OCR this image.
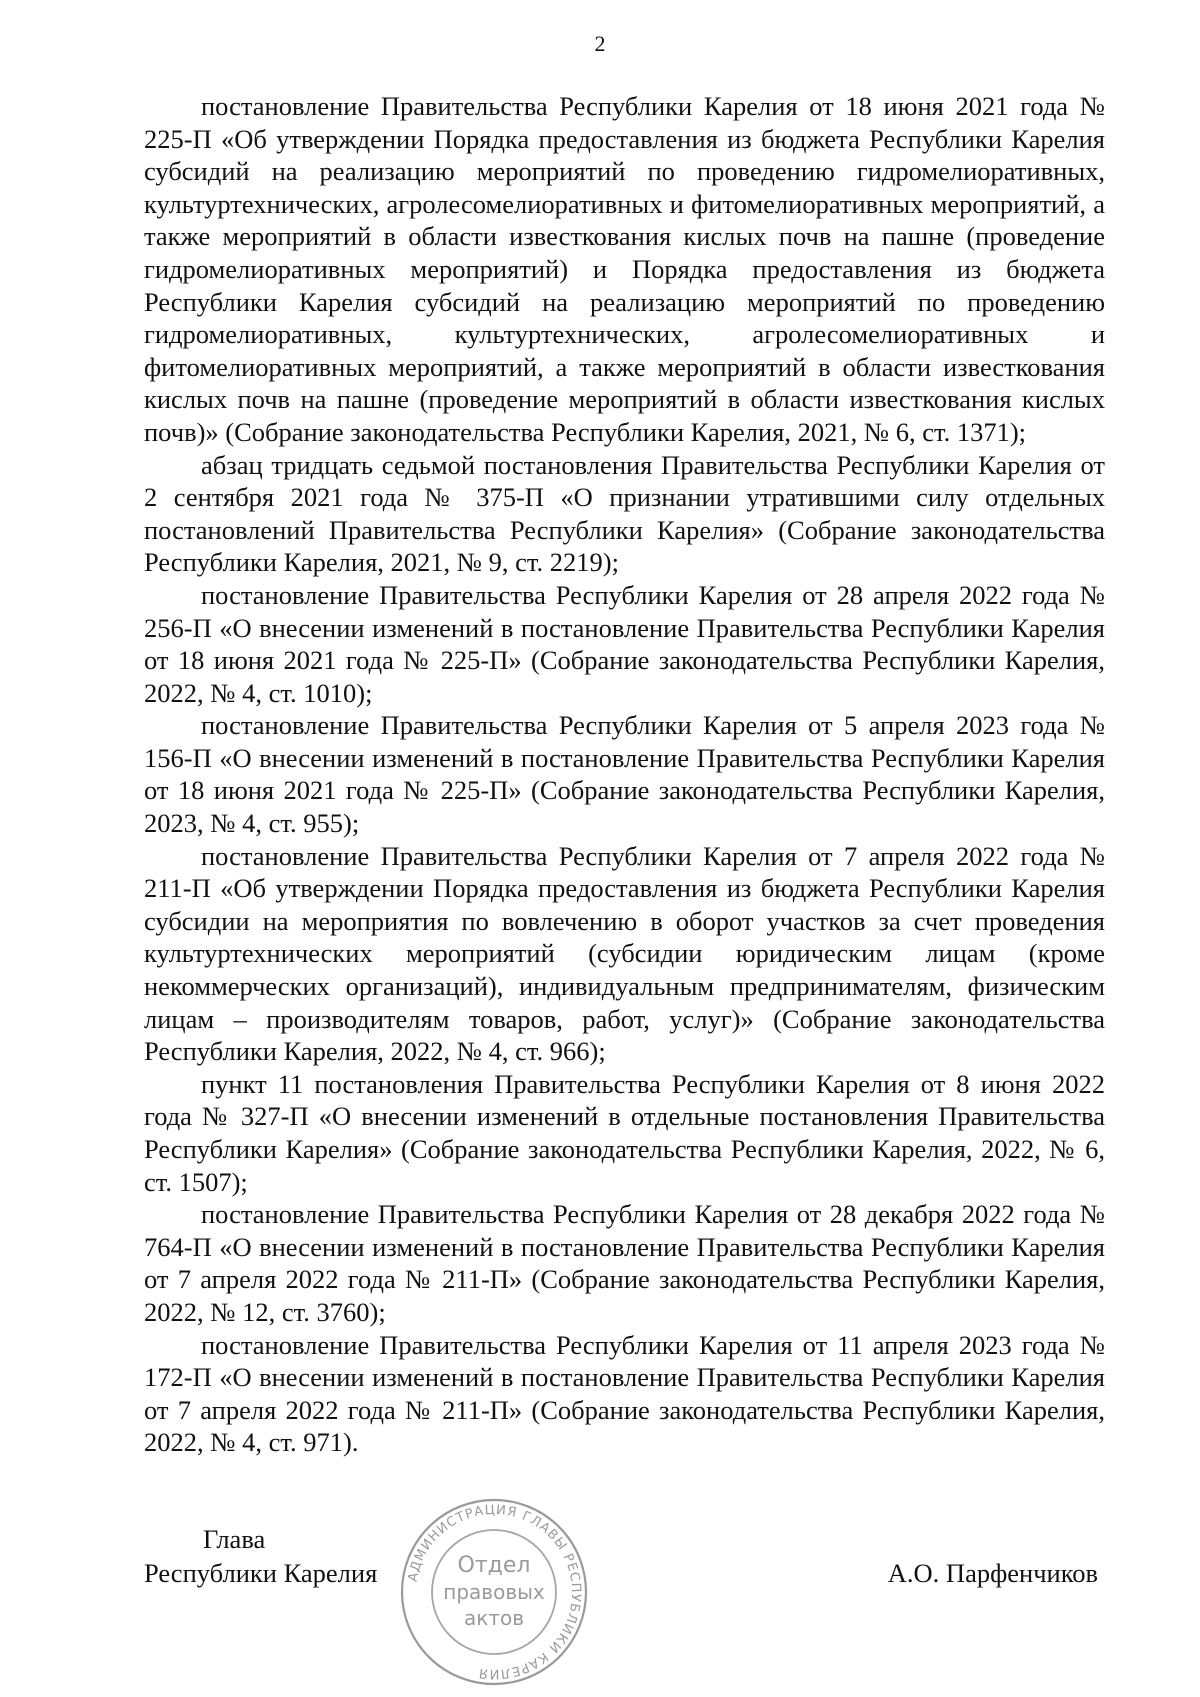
2

постановление Правительства Республики Карелия от 18 июня 2021 года № 225-П «Об утверждении Порядка предоставления из бюджета Республики Карелия субсидий на реализацию мероприятий по проведению гидромелиоративных, культуртехнических, агролесомелиоративных и фитомелиоративных мероприятий, а также мероприятий в области известкования кислых почв на пашне (проведение гидромелиоративных мероприятий) и Порядка предоставления из бюджета Республики Карелия субсидий на реализацию мероприятий по проведению гидромелиоративных, культуртехнических, агролесомелиоративных и фитомелиоративных мероприятий, а также мероприятий в области известкования кислых почв на пашне (проведение мероприятий в области известкования кислых почв)» (Собрание законодательства Республики Карелия, 2021, № 6, ст. 1371);

абзац тридцать седьмой постановления Правительства Республики Карелия от 2 сентября 2021 года № 375-П «О признании утратившими силу отдельных постановлений Правительства Республики Карелия» (Собрание законодательства Республики Карелия, 2021, № 9, ст. 2219);

постановление Правительства Республики Карелия от 28 апреля 2022 года № 256-П «О внесении изменений в постановление Правительства Республики Карелия от 18 июня 2021 года № 225-П» (Собрание законодательства Республики Карелия, 2022, № 4, ст. 1010);

постановление Правительства Республики Карелия от 5 апреля 2023 года № 156-П «О внесении изменений в постановление Правительства Республики Карелия от 18 июня 2021 года № 225-П» (Собрание законодательства Республики Карелия, 2023, № 4, ст. 955);

постановление Правительства Республики Карелия от 7 апреля 2022 года № 211-П «Об утверждении Порядка предоставления из бюджета Республики Карелия субсидии на мероприятия по вовлечению в оборот участков за счет проведения культуртехнических мероприятий (субсидии юридическим лицам (кроме некоммерческих организаций), индивидуальным предпринимателям, физическим лицам – производителям товаров, работ, услуг)» (Собрание законодательства Республики Карелия, 2022, № 4, ст. 966);

пункт 11 постановления Правительства Республики Карелия от 8 июня 2022 года № 327-П «О внесении изменений в отдельные постановления Правительства Республики Карелия» (Собрание законодательства Республики Карелия, 2022, № 6, ст. 1507);

постановление Правительства Республики Карелия от 28 декабря 2022 года № 764-П «О внесении изменений в постановление Правительства Республики Карелия от 7 апреля 2022 года № 211-П» (Собрание законодательства Республики Карелия, 2022, № 12, ст. 3760);

постановление Правительства Республики Карелия от 11 апреля 2023 года № 172-П «О внесении изменений в постановление Правительства Республики Карелия от 7 апреля 2022 года № 211-П» (Собрание законодательства Республики Карелия, 2022, № 4, ст. 971).

Глава
Республики Карелия	А.О. Парфенчиков
АДМИНИСТРАЦИЯ ГЛАВЫ РЕСПУБЛИКИ КАРЕЛИЯ
Отдел
правовых
актов
